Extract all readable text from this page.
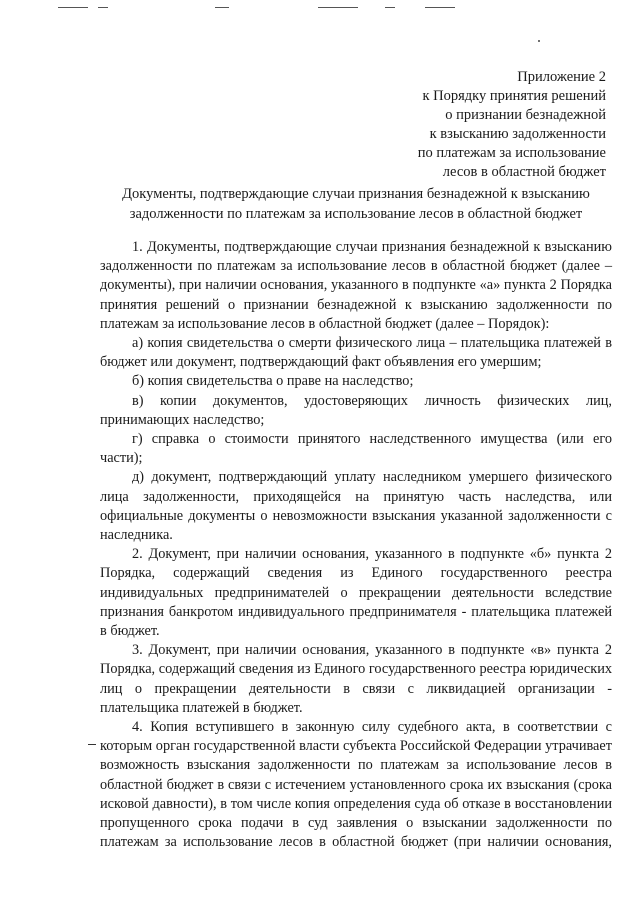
Приложение 2
к Порядку принятия решений
о признании безнадежной
к взысканию задолженности
по платежам за использование
лесов в областной бюджет
Документы, подтверждающие случаи признания безнадежной к взысканию
задолженности по платежам за использование лесов в областной бюджет

1. Документы, подтверждающие случаи признания безнадежной к взысканию задолженности по платежам за использование лесов в областной бюджет (далее – документы), при наличии основания, указанного в подпункте «а» пункта 2 Порядка принятия решений о признании безнадежной к взысканию задолженности по платежам за использование лесов в областной бюджет (далее – Порядок):

а) копия свидетельства о смерти физического лица – плательщика платежей в бюджет или документ, подтверждающий факт объявления его умершим;

б) копия свидетельства о праве на наследство;

в) копии документов, удостоверяющих личность физических лиц, принимающих наследство;

г) справка о стоимости принятого наследственного имущества (или его части);

д) документ, подтверждающий уплату наследником умершего физического лица задолженности, приходящейся на принятую часть наследства, или официальные документы о невозможности взыскания указанной задолженности с наследника.

2. Документ, при наличии основания, указанного в подпункте «б» пункта 2 Порядка, содержащий сведения из Единого государственного реестра индивидуальных предпринимателей о прекращении деятельности вследствие признания банкротом индивидуального предпринимателя - плательщика платежей в бюджет.

3. Документ, при наличии основания, указанного в подпункте «в» пункта 2 Порядка, содержащий сведения из Единого государственного реестра юридических лиц о прекращении деятельности в связи с ликвидацией организации - плательщика платежей в бюджет.

4. Копия вступившего в законную силу судебного акта, в соответствии с которым орган государственной власти субъекта Российской Федерации утрачивает возможность взыскания задолженности по платежам за использование лесов в областной бюджет в связи с истечением установленного срока их взыскания (срока исковой давности), в том числе копия определения суда об отказе в восстановлении пропущенного срока подачи в суд заявления о взыскании задолженности по платежам за использование лесов в областной бюджет (при наличии основания,
